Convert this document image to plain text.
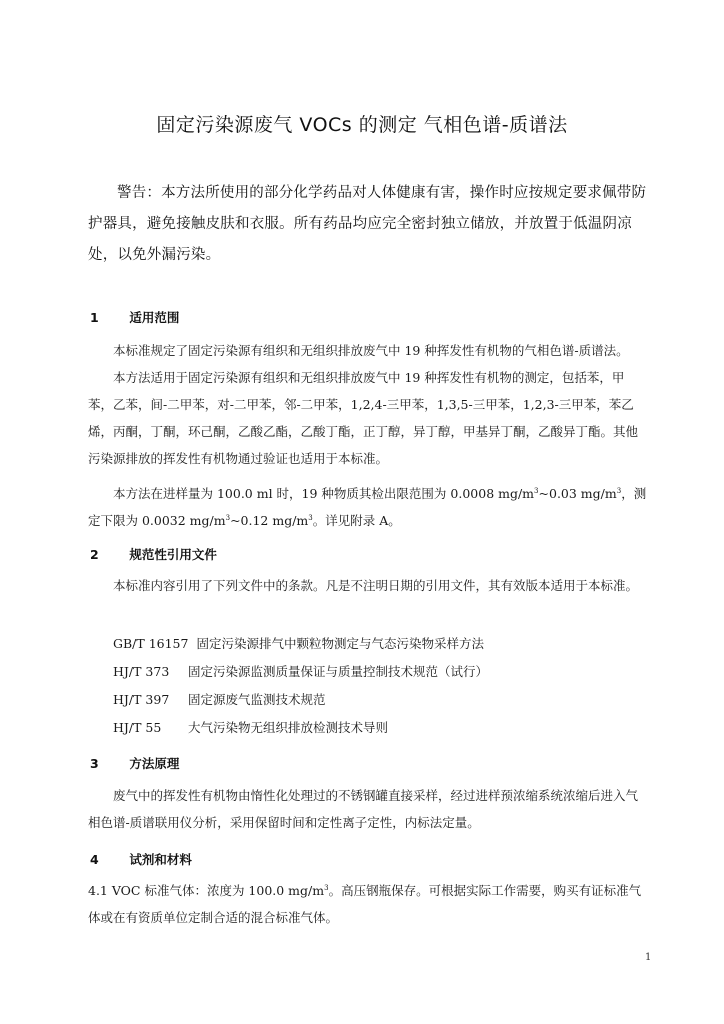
固定污染源废气 VOCs 的测定 气相色谱-质谱法

警告：本方法所使用的部分化学药品对人体健康有害，操作时应按规定要求佩带防护器具，避免接触皮肤和衣服。所有药品均应完全密封独立储放，并放置于低温阴凉处，以免外漏污染。

1 适用范围

本标准规定了固定污染源有组织和无组织排放废气中 19 种挥发性有机物的气相色谱-质谱法。

本方法适用于固定污染源有组织和无组织排放废气中 19 种挥发性有机物的测定，包括苯，甲苯，乙苯，间-二甲苯，对-二甲苯，邻-二甲苯，1,2,4-三甲苯，1,3,5-三甲苯，1,2,3-三甲苯，苯乙烯，丙酮，丁酮，环己酮，乙酸乙酯，乙酸丁酯，正丁醇，异丁醇，甲基异丁酮，乙酸异丁酯。其他污染源排放的挥发性有机物通过验证也适用于本标准。

本方法在进样量为 100.0 ml 时，19 种物质其检出限范围为 0.0008 $mg/m^3\sim 0.03$ $mg/m^3$，测定下限为 0.0032 $mg/m^3\sim 0.12$ $mg/m^3$。详见附录 A。

2 规范性引用文件

本标准内容引用了下列文件中的条款。凡是不注明日期的引用文件，其有效版本适用于本标准。

GB/T 16157 固定污染源排气中颗粒物测定与气态污染物采样方法
HJ/T 373 固定污染源监测质量保证与质量控制技术规范（试行）
HJ/T 397 固定源废气监测技术规范
HJ/T 55 大气污染物无组织排放检测技术导则
3 方法原理

废气中的挥发性有机物由惰性化处理过的不锈钢罐直接采样，经过进样预浓缩系统浓缩后进入气相色谱-质谱联用仪分析，采用保留时间和定性离子定性，内标法定量。

4 试剂和材料

4.1 VOC 标准气体：浓度为 100.0 $mg/m^3$。高压钢瓶保存。可根据实际工作需要，购买有证标准气体或在有资质单位定制合适的混合标准气体。

1
